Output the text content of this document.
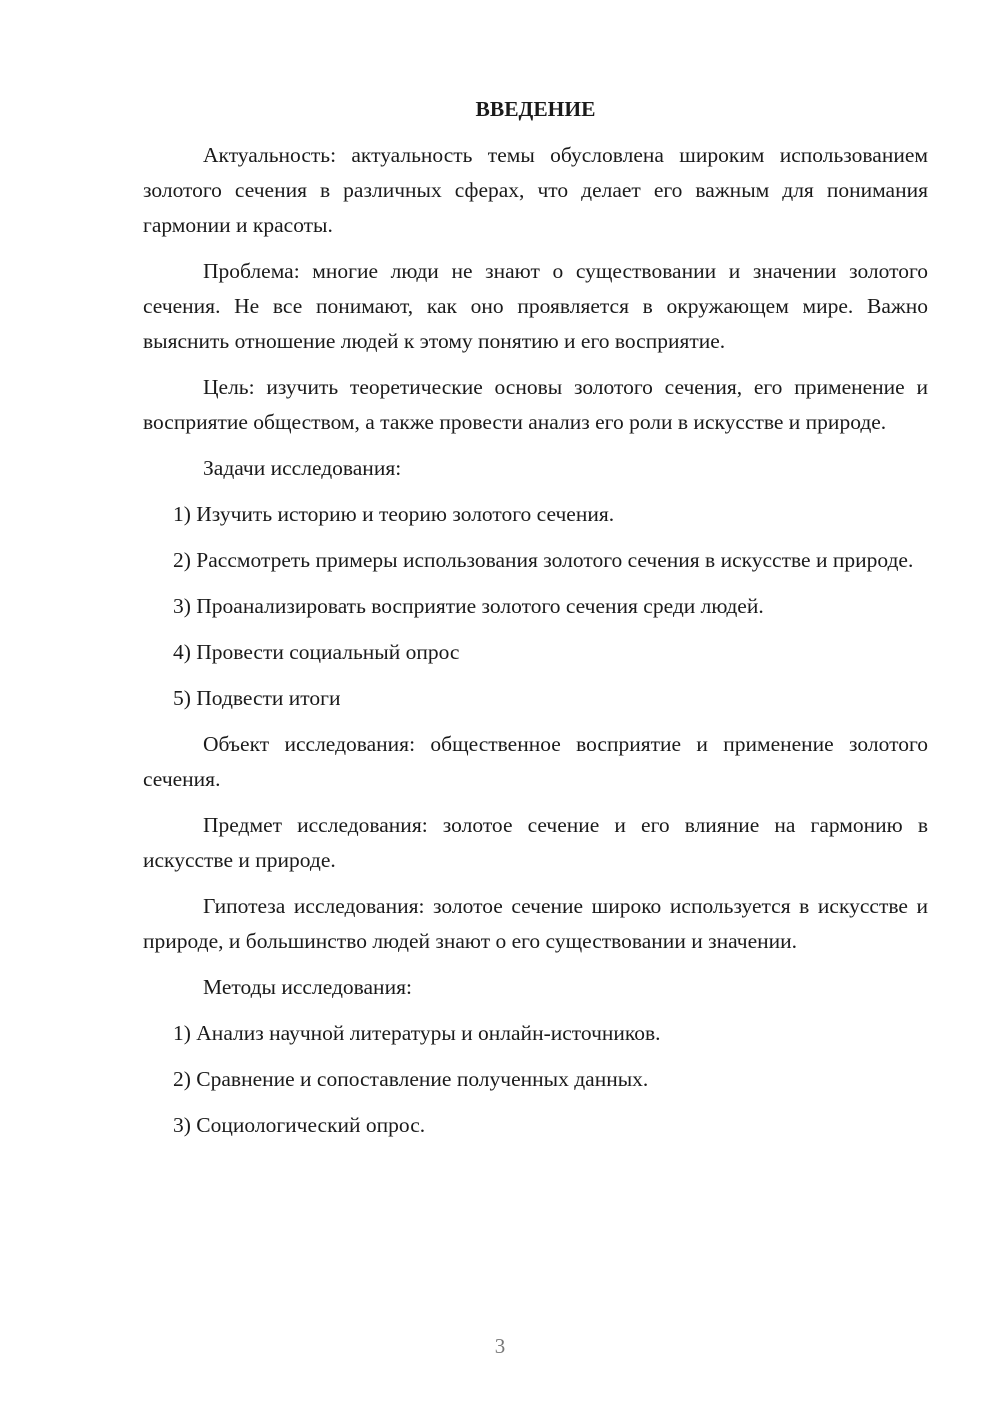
ВВЕДЕНИЕ

Актуальность: актуальность темы обусловлена широким использованием золотого сечения в различных сферах, что делает его важным для понимания гармонии и красоты.

Проблема: многие люди не знают о существовании и значении золотого сечения. Не все понимают, как оно проявляется в окружающем мире. Важно выяснить отношение людей к этому понятию и его восприятие.

Цель: изучить теоретические основы золотого сечения, его применение и восприятие обществом, а также провести анализ его роли в искусстве и природе.

Задачи исследования:

1) Изучить историю и теорию золотого сечения.

2) Рассмотреть примеры использования золотого сечения в искусстве и природе.

3) Проанализировать восприятие золотого сечения среди людей.

4) Провести социальный опрос

5) Подвести итоги

Объект исследования: общественное восприятие и применение золотого сечения.

Предмет исследования: золотое сечение и его влияние на гармонию в искусстве и природе.

Гипотеза исследования: золотое сечение широко используется в искусстве и природе, и большинство людей знают о его существовании и значении.

Методы исследования:

1) Анализ научной литературы и онлайн-источников.

2) Сравнение и сопоставление полученных данных.

3) Социологический опрос.

3
